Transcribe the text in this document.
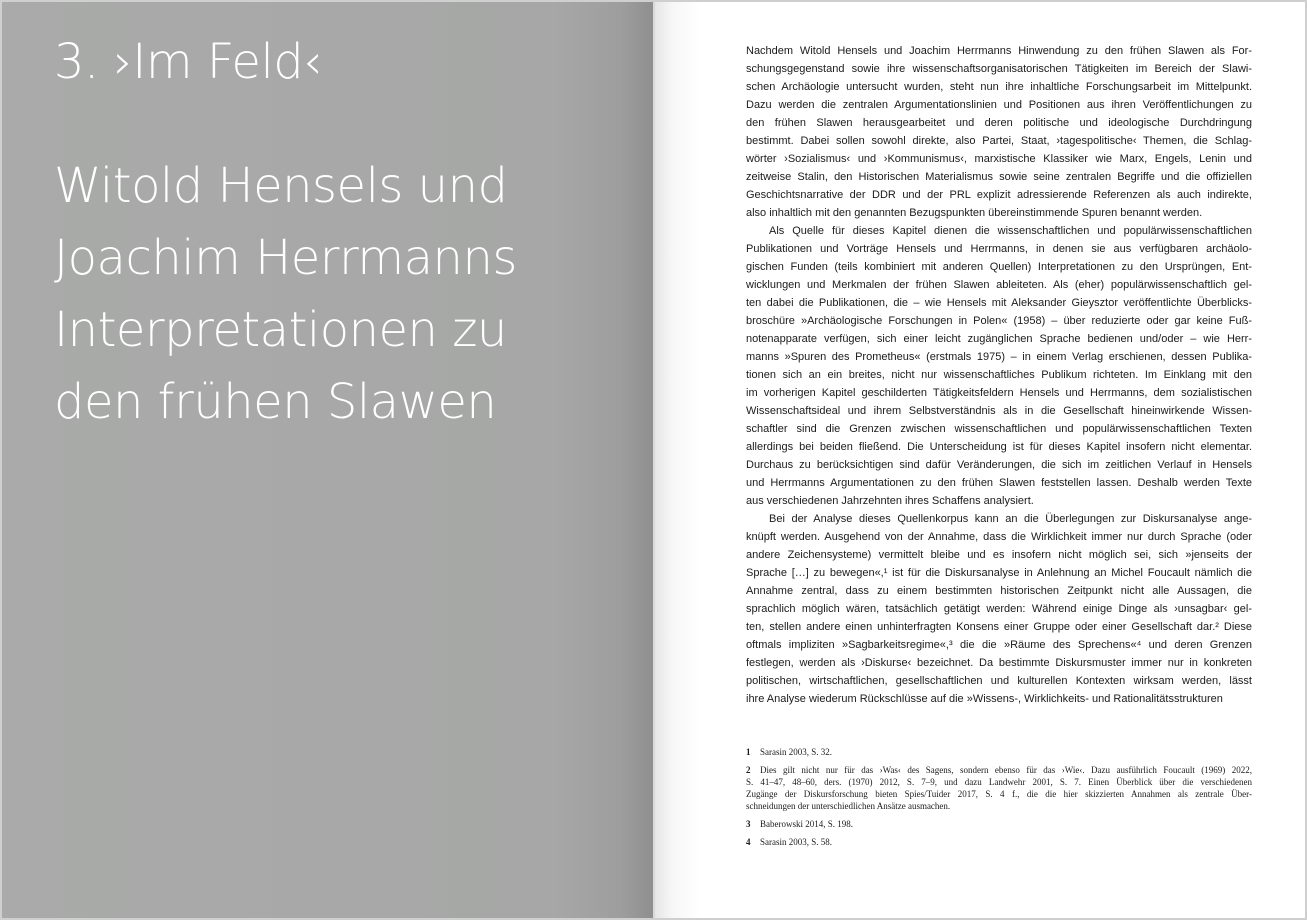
3. ›Im Feld‹
Witold Hensels und
Joachim Herrmanns
Interpretationen zu
den frühen Slawen

Nachdem Witold Hensels und Joachim Herrmanns Hinwendung zu den frühen Slawen als For-
schungsgegenstand sowie ihre wissenschaftsorganisatorischen Tätigkeiten im Bereich der Slawi-
schen Archäologie untersucht wurden, steht nun ihre inhaltliche Forschungsarbeit im Mittelpunkt.
Dazu werden die zentralen Argumentationslinien und Positionen aus ihren Veröffentlichungen zu
den frühen Slawen herausgearbeitet und deren politische und ideologische Durchdringung
bestimmt. Dabei sollen sowohl direkte, also Partei, Staat, ›tagespolitische‹ Themen, die Schlag-
wörter ›Sozialismus‹ und ›Kommunismus‹, marxistische Klassiker wie Marx, Engels, Lenin und
zeitweise Stalin, den Historischen Materialismus sowie seine zentralen Begriffe und die offiziellen
Geschichtsnarrative der DDR und der PRL explizit adressierende Referenzen als auch indirekte,
also inhaltlich mit den genannten Bezugspunkten übereinstimmende Spuren benannt werden.

Als Quelle für dieses Kapitel dienen die wissenschaftlichen und populärwissenschaftlichen
Publikationen und Vorträge Hensels und Herrmanns, in denen sie aus verfügbaren archäolo-
gischen Funden (teils kombiniert mit anderen Quellen) Interpretationen zu den Ursprüngen, Ent-
wicklungen und Merkmalen der frühen Slawen ableiteten. Als (eher) populärwissenschaftlich gel-
ten dabei die Publikationen, die – wie Hensels mit Aleksander Gieysztor veröffentlichte Überblicks-
broschüre »Archäologische Forschungen in Polen« (1958) – über reduzierte oder gar keine Fuß-
notenapparate verfügen, sich einer leicht zugänglichen Sprache bedienen und/oder – wie Herr-
manns »Spuren des Prometheus« (erstmals 1975) – in einem Verlag erschienen, dessen Publika-
tionen sich an ein breites, nicht nur wissenschaftliches Publikum richteten. Im Einklang mit den
im vorherigen Kapitel geschilderten Tätigkeitsfeldern Hensels und Herrmanns, dem sozialistischen
Wissenschaftsideal und ihrem Selbstverständnis als in die Gesellschaft hineinwirkende Wissen-
schaftler sind die Grenzen zwischen wissenschaftlichen und populärwissenschaftlichen Texten
allerdings bei beiden fließend. Die Unterscheidung ist für dieses Kapitel insofern nicht elementar.
Durchaus zu berücksichtigen sind dafür Veränderungen, die sich im zeitlichen Verlauf in Hensels
und Herrmanns Argumentationen zu den frühen Slawen feststellen lassen. Deshalb werden Texte
aus verschiedenen Jahrzehnten ihres Schaffens analysiert.

Bei der Analyse dieses Quellenkorpus kann an die Überlegungen zur Diskursanalyse ange-
knüpft werden. Ausgehend von der Annahme, dass die Wirklichkeit immer nur durch Sprache (oder
andere Zeichensysteme) vermittelt bleibe und es insofern nicht möglich sei, sich »jenseits der
Sprache […] zu bewegen«,¹ ist für die Diskursanalyse in Anlehnung an Michel Foucault nämlich die
Annahme zentral, dass zu einem bestimmten historischen Zeitpunkt nicht alle Aussagen, die
sprachlich möglich wären, tatsächlich getätigt werden: Während einige Dinge als ›unsagbar‹ gel-
ten, stellen andere einen unhinterfragten Konsens einer Gruppe oder einer Gesellschaft dar.² Diese
oftmals impliziten »Sagbarkeitsregime«,³ die die »Räume des Sprechens«⁴ und deren Grenzen
festlegen, werden als ›Diskurse‹ bezeichnet. Da bestimmte Diskursmuster immer nur in konkreten
politischen, wirtschaftlichen, gesellschaftlichen und kulturellen Kontexten wirksam werden, lässt
ihre Analyse wiederum Rückschlüsse auf die »Wissens-, Wirklichkeits- und Rationalitätsstrukturen

1 Sarasin 2003, S. 32.
2 Dies gilt nicht nur für das ›Was‹ des Sagens, sondern ebenso für das ›Wie‹. Dazu ausführlich Foucault (1969) 2022,
S. 41–47, 48–60, ders. (1970) 2012, S. 7–9, und dazu Landwehr 2001, S. 7. Einen Überblick über die verschiedenen
Zugänge der Diskursforschung bieten Spies/Tuider 2017, S. 4 f., die die hier skizzierten Annahmen als zentrale Über-
schneidungen der unterschiedlichen Ansätze ausmachen.
3 Baberowski 2014, S. 198.
4 Sarasin 2003, S. 58.
